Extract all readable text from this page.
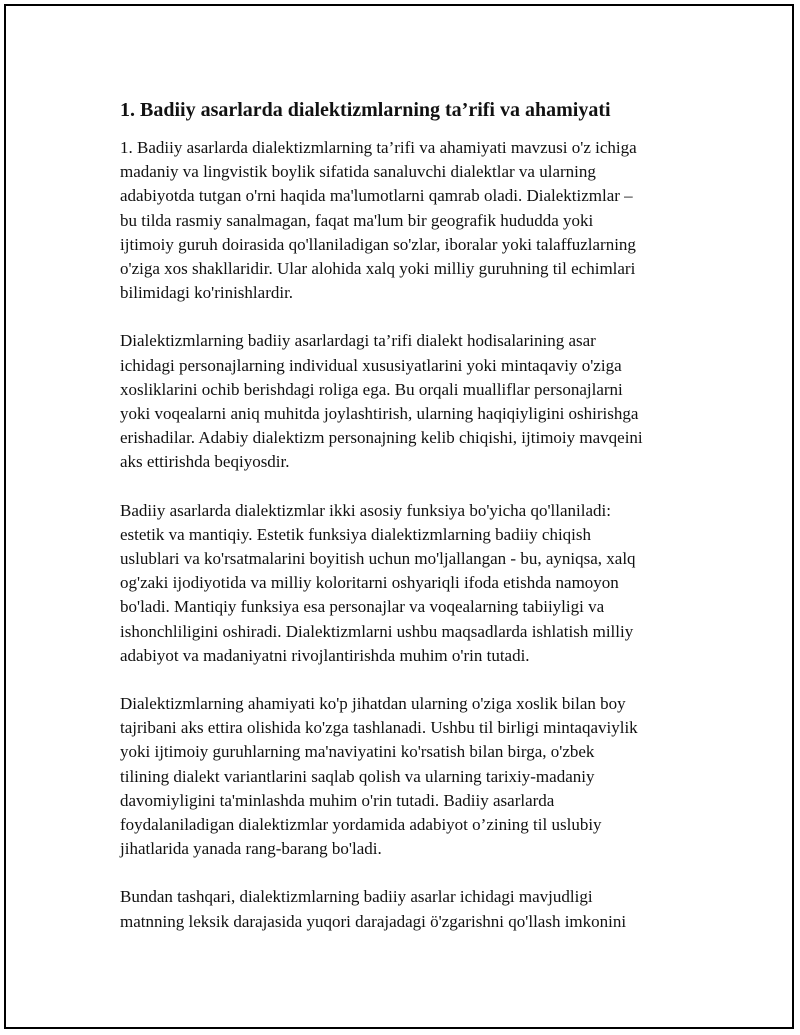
1. Badiiy asarlarda dialektizmlarning ta’rifi va ahamiyati

1. Badiiy asarlarda dialektizmlarning ta’rifi va ahamiyati mavzusi o'z ichiga
madaniy va lingvistik boylik sifatida sanaluvchi dialektlar va ularning
adabiyotda tutgan o'rni haqida ma'lumotlarni qamrab oladi. Dialektizmlar –
bu tilda rasmiy sanalmagan, faqat ma'lum bir geografik hududda yoki
ijtimoiy guruh doirasida qo'llaniladigan so'zlar, iboralar yoki talaffuzlarning
o'ziga xos shakllaridir. Ular alohida xalq yoki milliy guruhning til echimlari
bilimidagi ko'rinishlardir.

Dialektizmlarning badiiy asarlardagi ta’rifi dialekt hodisalarining asar
ichidagi personajlarning individual xususiyatlarini yoki mintaqaviy o'ziga
xosliklarini ochib berishdagi roliga ega. Bu orqali mualliflar personajlarni
yoki voqealarni aniq muhitda joylashtirish, ularning haqiqiyligini oshirishga
erishadilar. Adabiy dialektizm personajning kelib chiqishi, ijtimoiy mavqeini
aks ettirishda beqiyosdir.

Badiiy asarlarda dialektizmlar ikki asosiy funksiya bo'yicha qo'llaniladi:
estetik va mantiqiy. Estetik funksiya dialektizmlarning badiiy chiqish
uslublari va ko'rsatmalarini boyitish uchun mo'ljallangan - bu, ayniqsa, xalq
og'zaki ijodiyotida va milliy koloritarni oshyariqli ifoda etishda namoyon
bo'ladi. Mantiqiy funksiya esa personajlar va voqealarning tabiiyligi va
ishonchliligini oshiradi. Dialektizmlarni ushbu maqsadlarda ishlatish milliy
adabiyot va madaniyatni rivojlantirishda muhim o'rin tutadi.

Dialektizmlarning ahamiyati ko'p jihatdan ularning o'ziga xoslik bilan boy
tajribani aks ettira olishida ko'zga tashlanadi. Ushbu til birligi mintaqaviylik
yoki ijtimoiy guruhlarning ma'naviyatini ko'rsatish bilan birga, o'zbek
tilining dialekt variantlarini saqlab qolish va ularning tarixiy-madaniy
davomiyligini ta'minlashda muhim o'rin tutadi. Badiiy asarlarda
foydalaniladigan dialektizmlar yordamida adabiyot o’zining til uslubiy
jihatlarida yanada rang-barang bo'ladi.

Bundan tashqari, dialektizmlarning badiiy asarlar ichidagi mavjudligi
matnning leksik darajasida yuqori darajadagi ö'zgarishni qo'llash imkonini
